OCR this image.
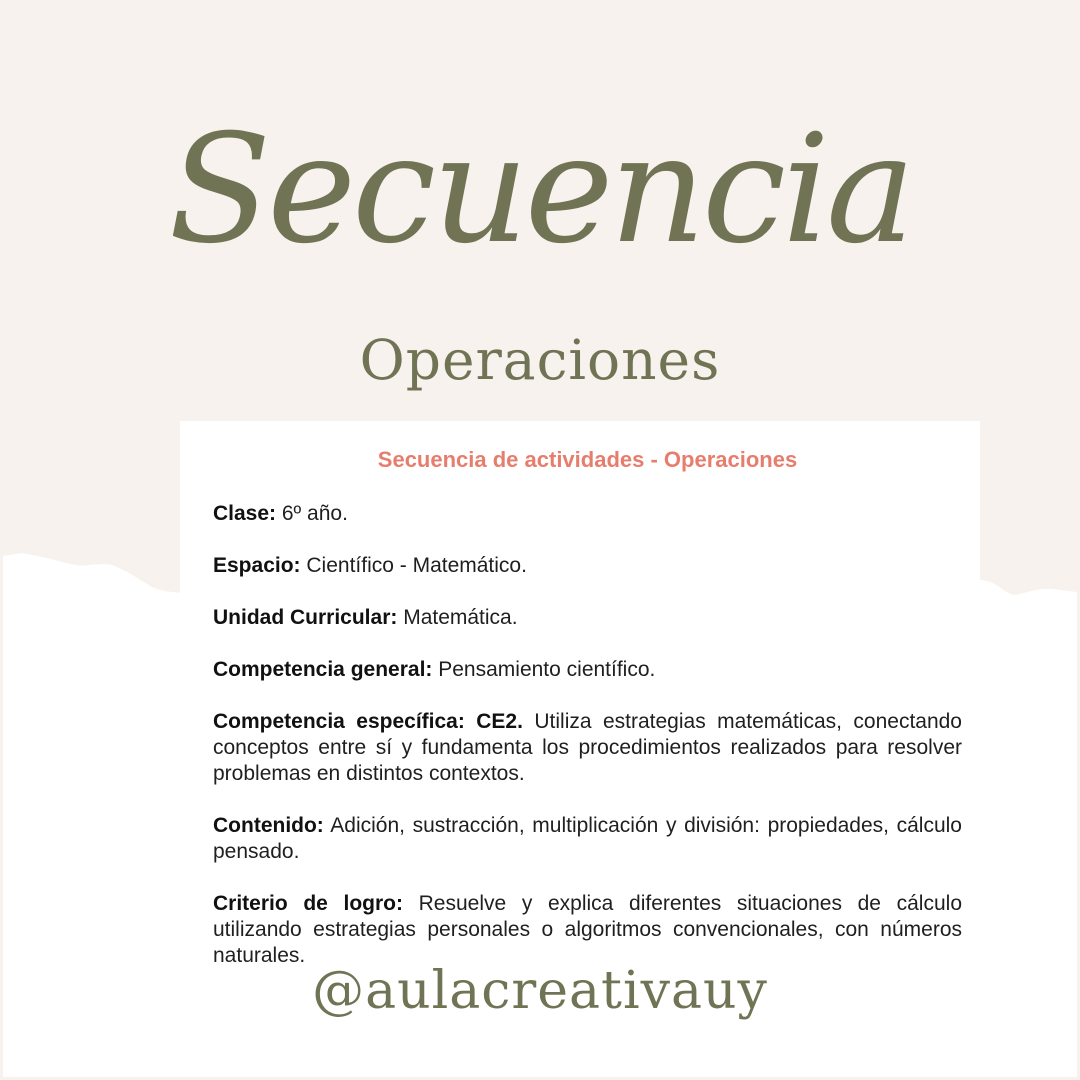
Secuencia
Operaciones

Secuencia de actividades - Operaciones

Clase: 6º año.

Espacio: Científico - Matemático.

Unidad Curricular: Matemática.

Competencia general: Pensamiento científico.

Competencia específica: CE2. Utiliza estrategias matemáticas, conectando conceptos entre sí y fundamenta los procedimientos realizados para resolver problemas en distintos contextos.

Contenido: Adición, sustracción, multiplicación y división: propiedades, cálculo pensado.

Criterio de logro: Resuelve y explica diferentes situaciones de cálculo utilizando estrategias personales o algoritmos convencionales, con números naturales.

@aulacreativauy
